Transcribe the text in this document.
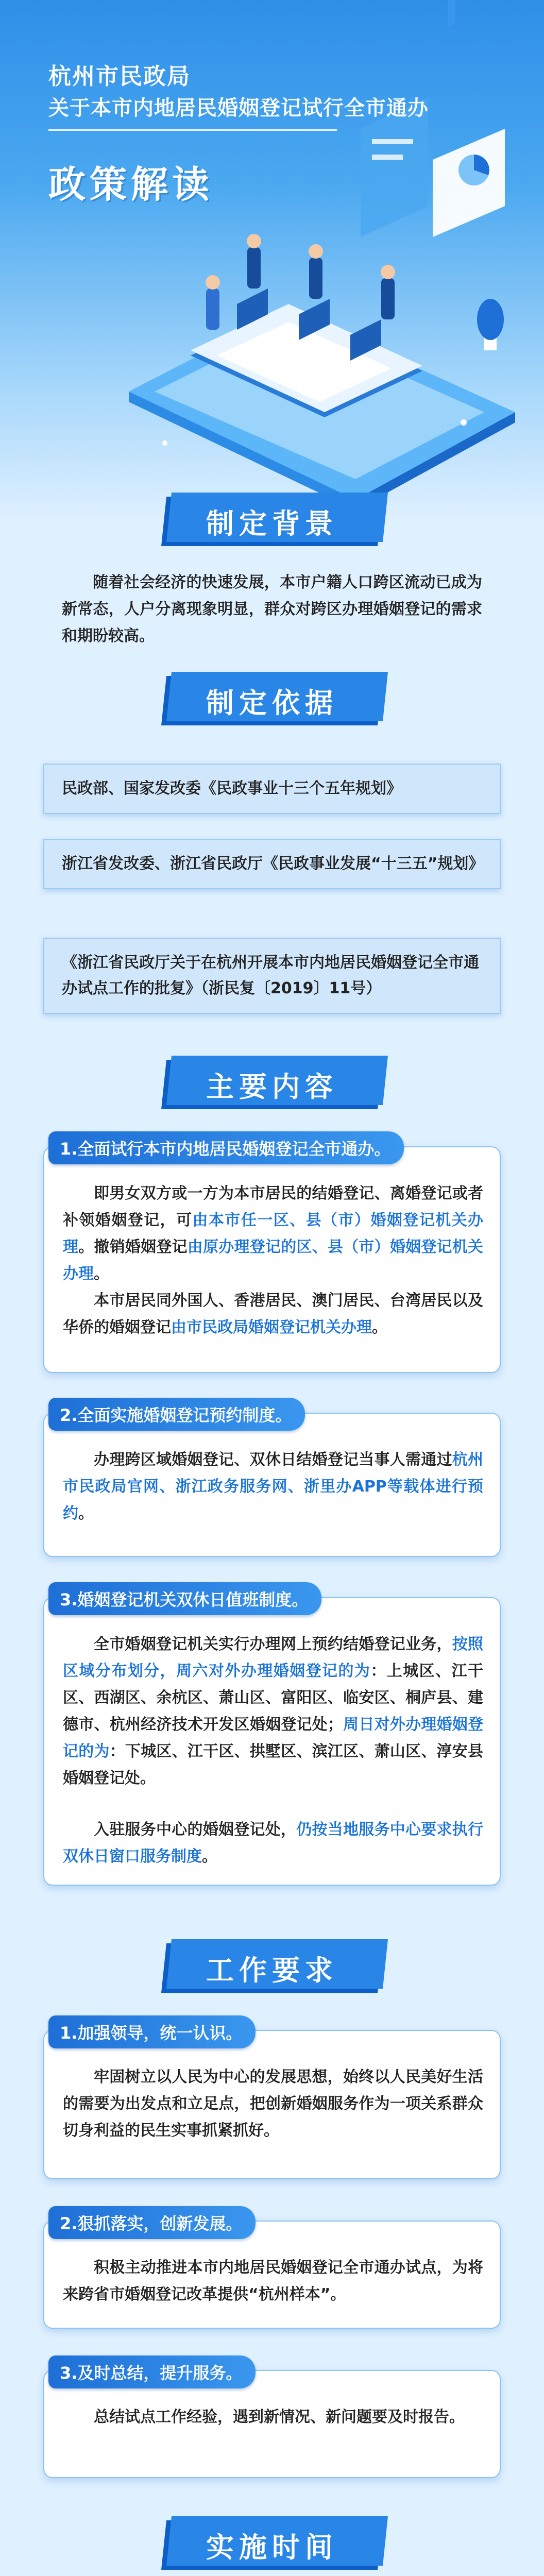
杭州市民政局
关于本市内地居民婚姻登记试行全市通办
政策解读
制定背景
随着社会经济的快速发展，本市户籍人口跨区流动已成为新常态，人户分离现象明显，群众对跨区办理婚姻登记的需求和期盼较高。
制定依据
民政部、国家发改委《民政事业十三个五年规划》
浙江省发改委、浙江省民政厅《民政事业发展“十三五”规划》
《浙江省民政厅关于在杭州开展本市内地居民婚姻登记全市通办试点工作的批复》（浙民复〔2019〕11号）
主要内容
即男女双方或一方为本市居民的结婚登记、离婚登记或者补领婚姻登记，可由本市任一区、县（市）婚姻登记机关办理。撤销婚姻登记由原办理登记的区、县（市）婚姻登记机关办理。
本市居民同外国人、香港居民、澳门居民、台湾居民以及华侨的婚姻登记由市民政局婚姻登记机关办理。
1.全面试行本市内地居民婚姻登记全市通办。
办理跨区域婚姻登记、双休日结婚登记当事人需通过杭州市民政局官网、浙江政务服务网、浙里办APP等载体进行预约。
2.全面实施婚姻登记预约制度。
全市婚姻登记机关实行办理网上预约结婚登记业务，按照区域分布划分，周六对外办理婚姻登记的为：上城区、江干区、西湖区、余杭区、萧山区、富阳区、临安区、桐庐县、建德市、杭州经济技术开发区婚姻登记处；周日对外办理婚姻登记的为：下城区、江干区、拱墅区、滨江区、萧山区、淳安县婚姻登记处。
入驻服务中心的婚姻登记处，仍按当地服务中心要求执行双休日窗口服务制度。
3.婚姻登记机关双休日值班制度。
工作要求
牢固树立以人民为中心的发展思想，始终以人民美好生活的需要为出发点和立足点，把创新婚姻服务作为一项关系群众切身利益的民生实事抓紧抓好。
1.加强领导，统一认识。
积极主动推进本市内地居民婚姻登记全市通办试点，为将来跨省市婚姻登记改革提供“杭州样本”。
2.狠抓落实，创新发展。
总结试点工作经验，遇到新情况、新问题要及时报告。
3.及时总结，提升服务。
实施时间
